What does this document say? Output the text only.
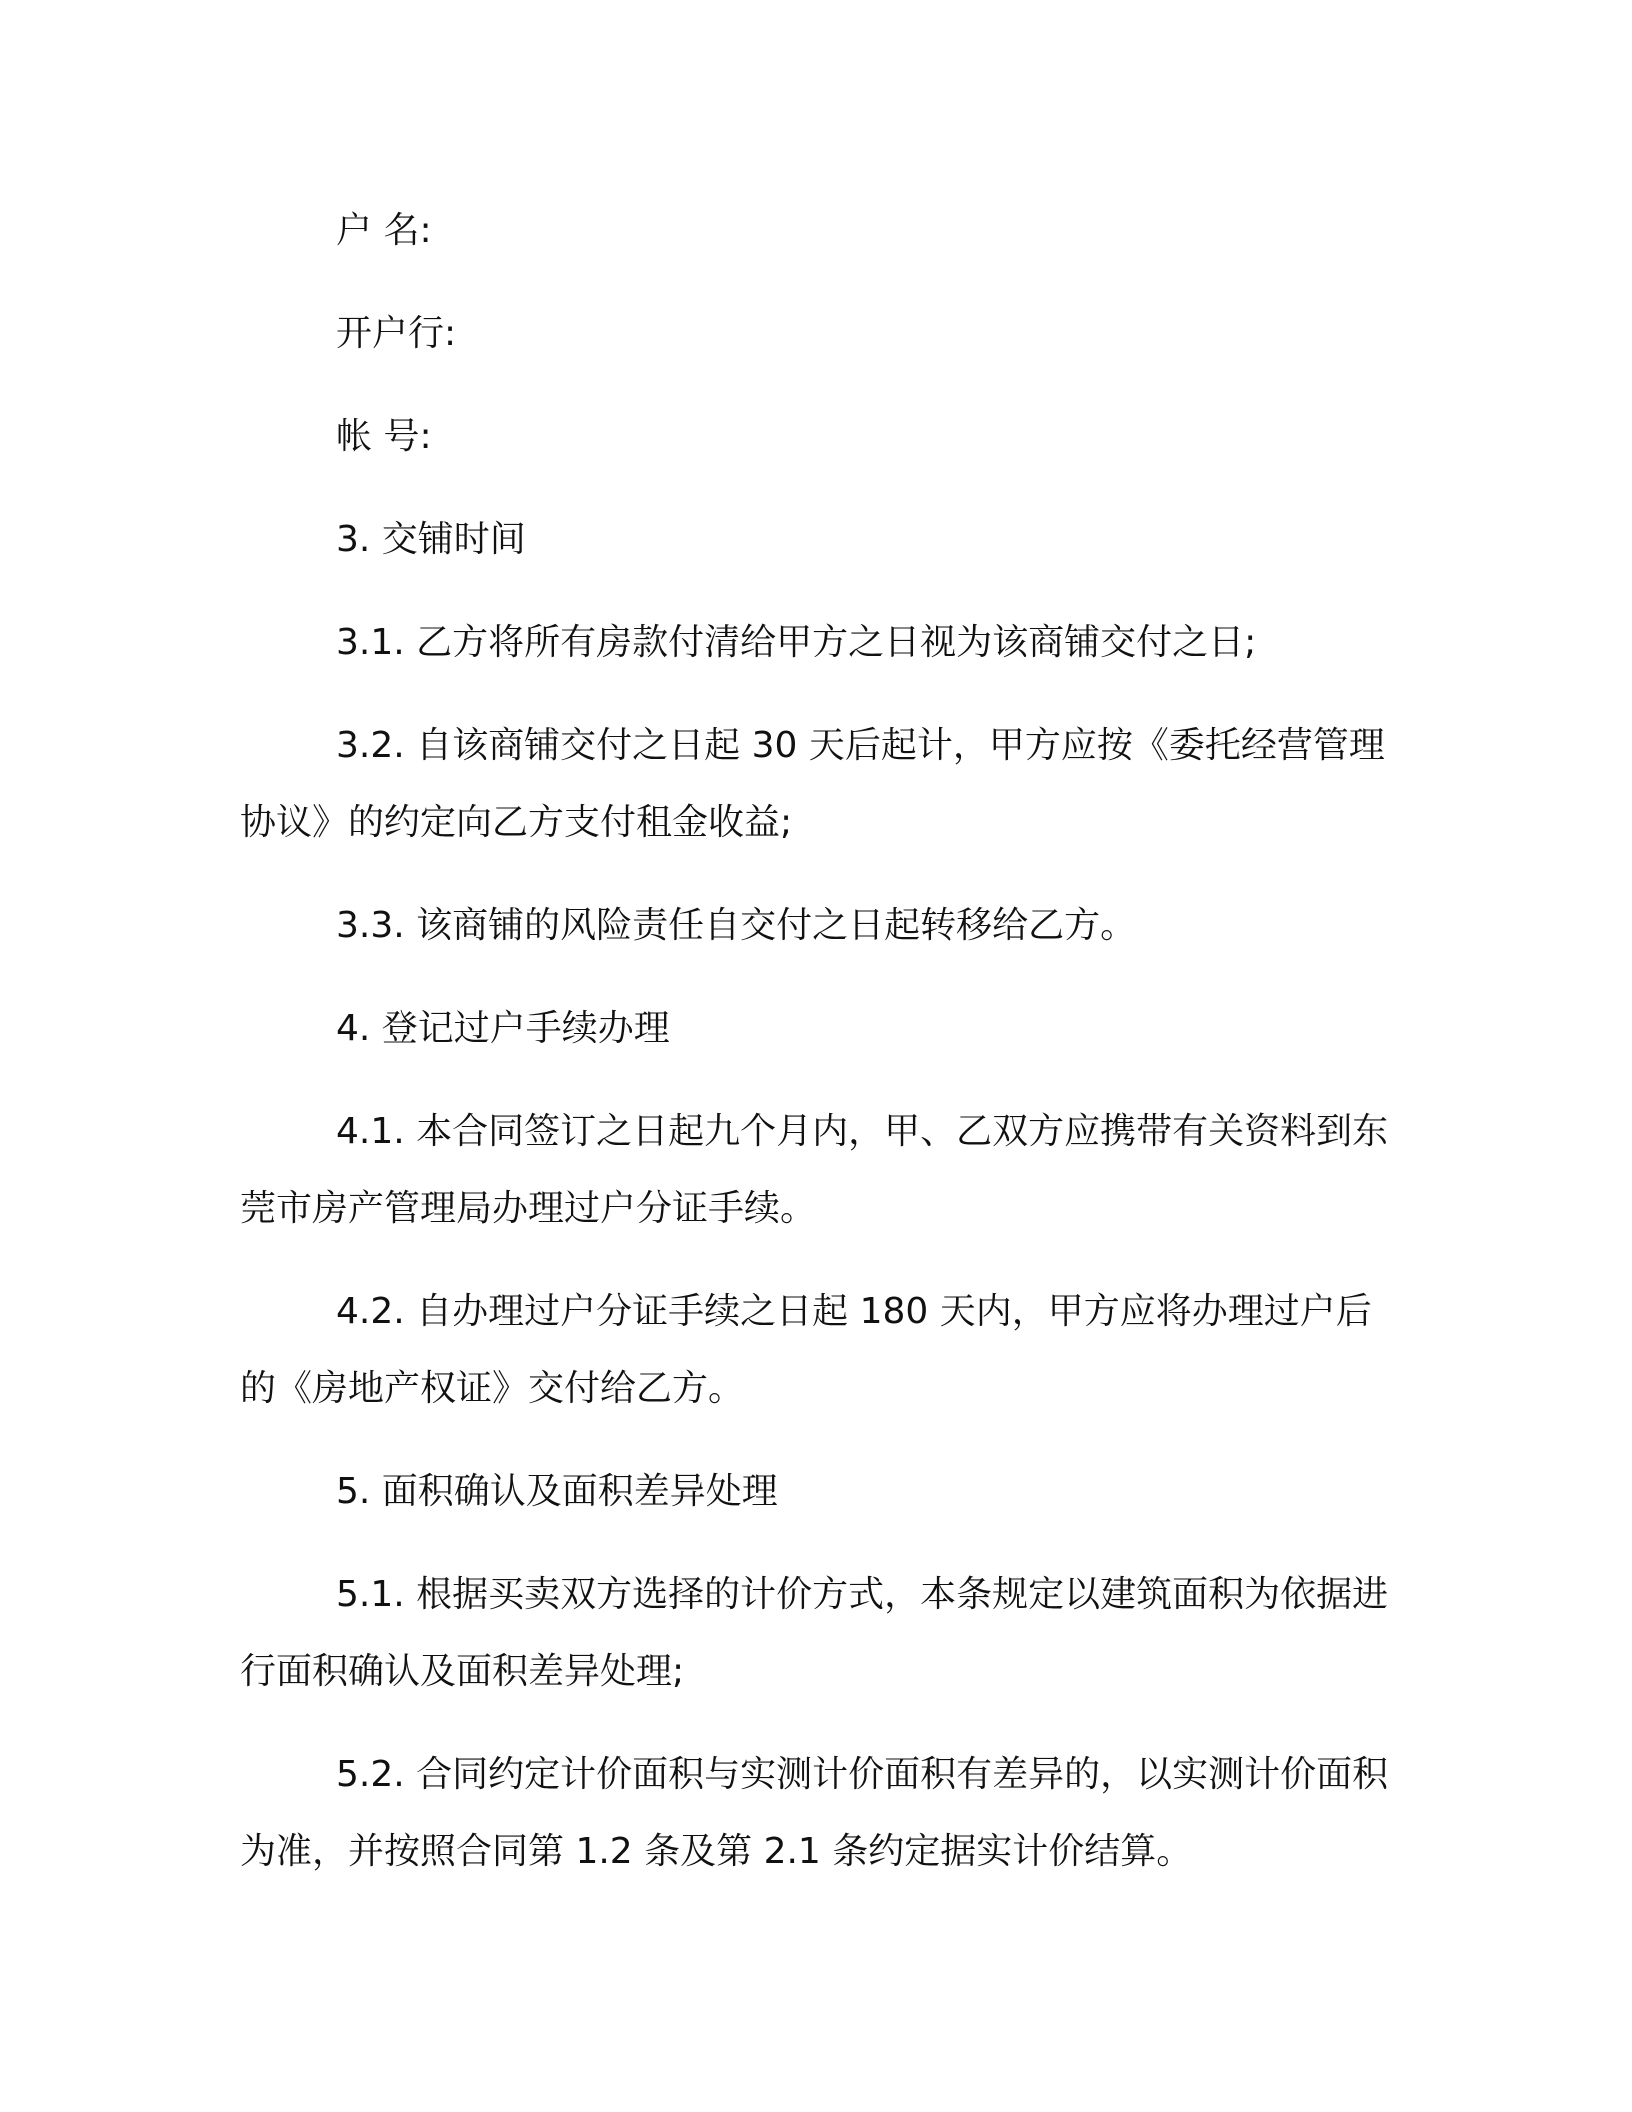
户 名:

开户行:

帐 号:

3. 交铺时间

3.1. 乙方将所有房款付清给甲方之日视为该商铺交付之日;

3.2. 自该商铺交付之日起 30 天后起计，甲方应按《委托经营管理协议》的约定向乙方支付租金收益;

3.3. 该商铺的风险责任自交付之日起转移给乙方。

4. 登记过户手续办理

4.1. 本合同签订之日起九个月内，甲、乙双方应携带有关资料到东莞市房产管理局办理过户分证手续。

4.2. 自办理过户分证手续之日起 180 天内，甲方应将办理过户后的《房地产权证》交付给乙方。

5. 面积确认及面积差异处理

5.1. 根据买卖双方选择的计价方式，本条规定以建筑面积为依据进行面积确认及面积差异处理;

5.2. 合同约定计价面积与实测计价面积有差异的，以实测计价面积为准，并按照合同第 1.2 条及第 2.1 条约定据实计价结算。
